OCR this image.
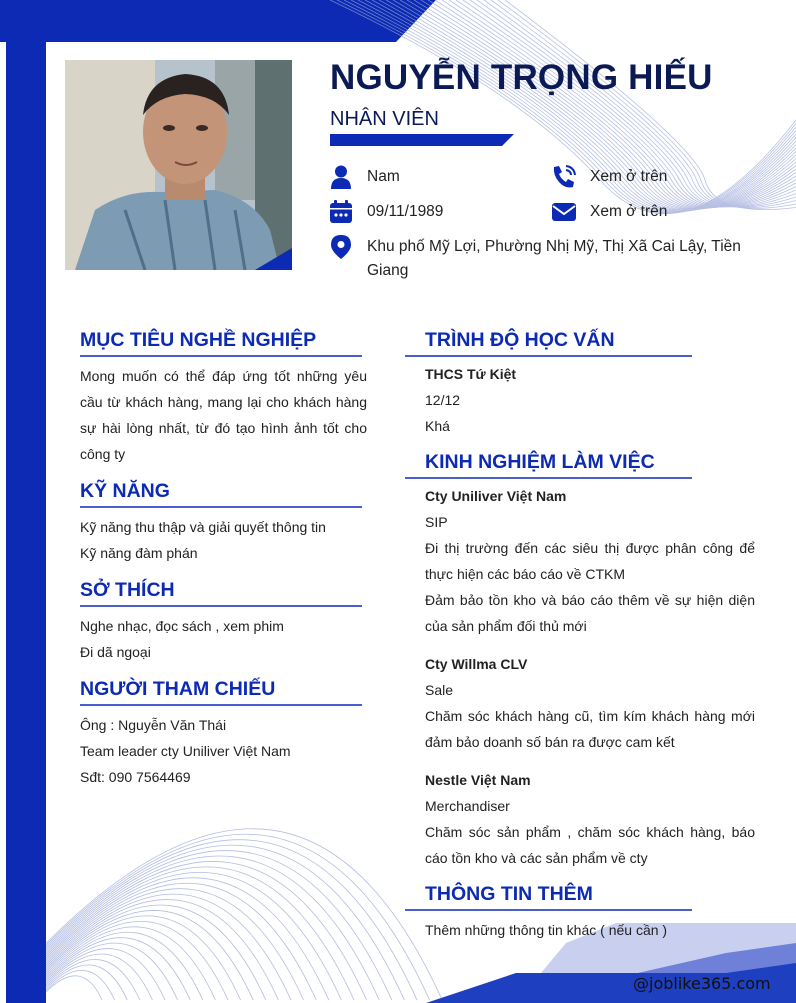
NGUYỄN TRỌNG HIẾU
NHÂN VIÊN
Nam	Xem ở trên
09/11/1989	Xem ở trên
Khu phố Mỹ Lợi, Phường Nhị Mỹ, Thị Xã Cai Lậy, Tiền Giang
MỤC TIÊU NGHỀ NGHIỆP
Mong muốn có thể đáp ứng tốt những yêu cầu từ khách hàng, mang lại cho khách hàng sự hài lòng nhất, từ đó tạo hình ảnh tốt cho công ty
KỸ NĂNG
Kỹ năng thu thập và giải quyết thông tin
Kỹ năng đàm phán
SỞ THÍCH
Nghe nhạc, đọc sách , xem phim
Đi dã ngoại
NGƯỜI THAM CHIẾU
Ông : Nguyễn Văn Thái
Team leader cty Uniliver Việt Nam
Sđt: 090 7564469
TRÌNH ĐỘ HỌC VẤN
THCS Tứ Kiệt
12/12
Khá
KINH NGHIỆM LÀM VIỆC
Cty Uniliver Việt Nam
SIP
Đi thị trường đến các siêu thị được phân công để thực hiện các báo cáo về CTKM
Đảm bảo tồn kho và báo cáo thêm về sự hiện diện của sản phẩm đối thủ mới
Cty Willma CLV
Sale
Chăm sóc khách hàng cũ, tìm kím khách hàng mới đảm bảo doanh số bán ra được cam kết
Nestle Việt Nam
Merchandiser
Chăm sóc sản phẩm , chăm sóc khách hàng, báo cáo tồn kho và các sản phẩm về cty
THÔNG TIN THÊM
Thêm những thông tin khác ( nếu cần )
@joblike365.com
